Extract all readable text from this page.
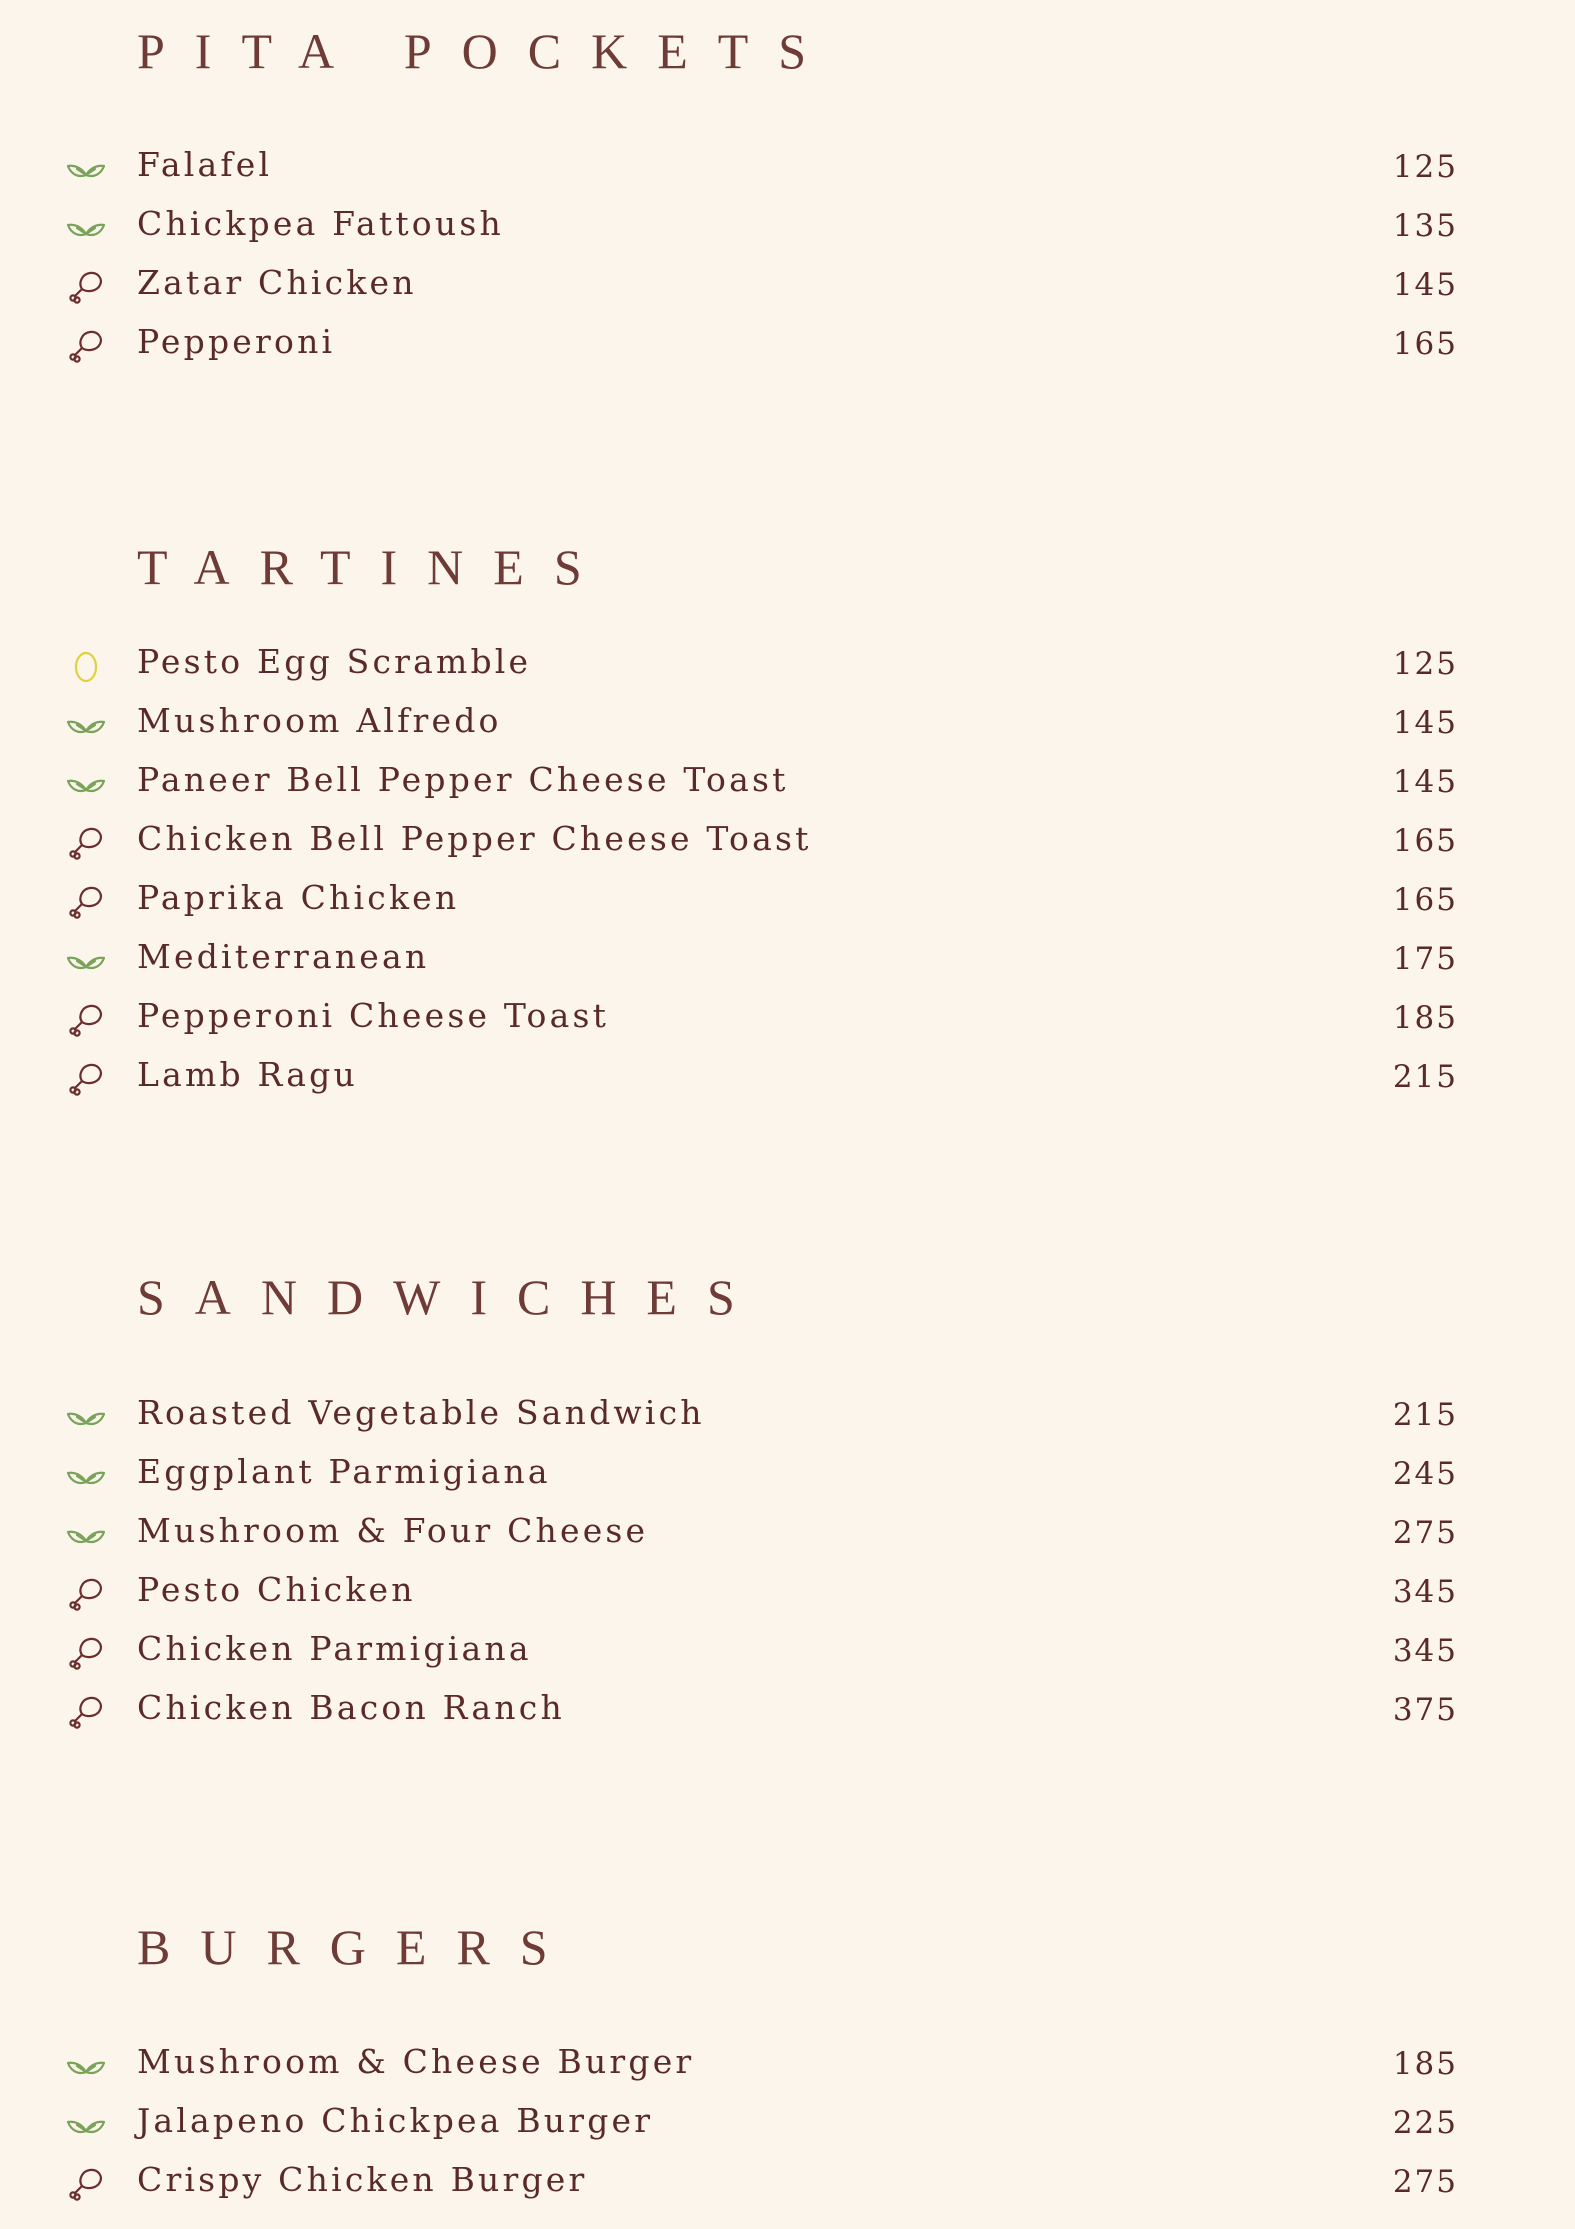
PITA POCKETS
Falafel	125
Chickpea Fattoush	135
Zatar Chicken	145
Pepperoni	165
TARTINES
Pesto Egg Scramble	125
Mushroom Alfredo	145
Paneer Bell Pepper Cheese Toast	145
Chicken Bell Pepper Cheese Toast	165
Paprika Chicken	165
Mediterranean	175
Pepperoni Cheese Toast	185
Lamb Ragu	215
SANDWICHES
Roasted Vegetable Sandwich	215
Eggplant Parmigiana	245
Mushroom & Four Cheese	275
Pesto Chicken	345
Chicken Parmigiana	345
Chicken Bacon Ranch	375
BURGERS
Mushroom & Cheese Burger	185
Jalapeno Chickpea Burger	225
Crispy Chicken Burger	275
